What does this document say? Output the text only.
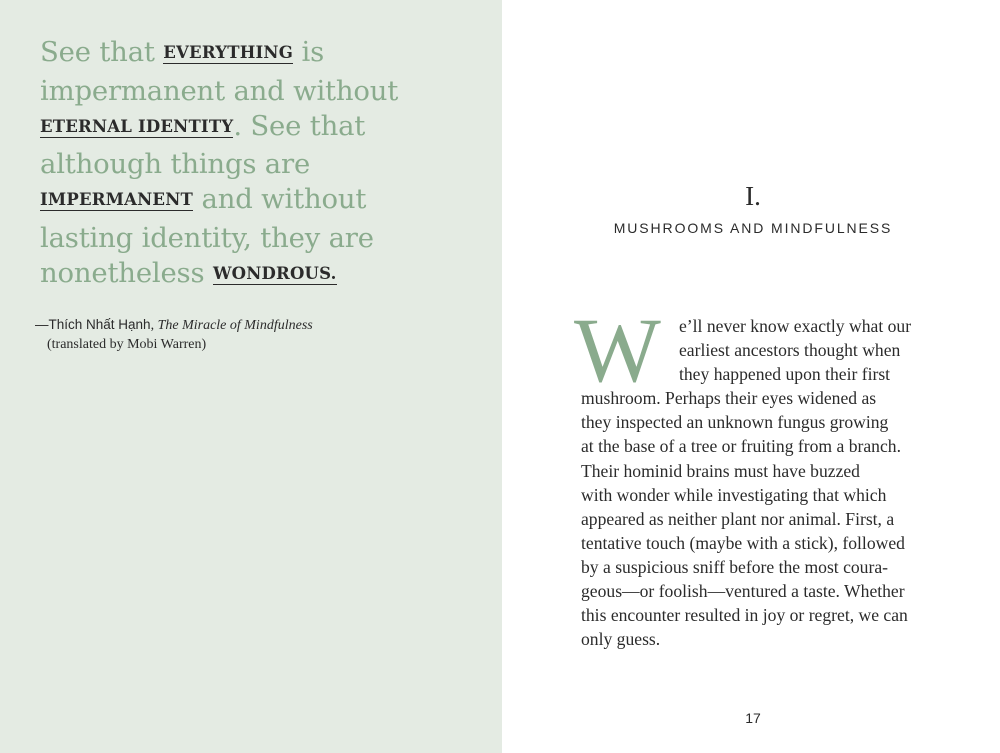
See that EVERYTHING is
impermanent and without
ETERNAL IDENTITY. See that
although things are
IMPERMANENT and without
lasting identity, they are
nonetheless WONDROUS.
—Thích Nhất Hạnh, The Miracle of Mindfulness
(translated by Mobi Warren)
I.
MUSHROOMS AND MINDFULNESS
W	e’ll never know exactly what our
earliest ancestors thought when
they happened upon their first
mushroom. Perhaps their eyes widened as
they inspected an unknown fungus growing
at the base of a tree or fruiting from a branch.
Their hominid brains must have buzzed
with wonder while investigating that which
appeared as neither plant nor animal. First, a
tentative touch (maybe with a stick), followed
by a suspicious sniff before the most coura-
geous—or foolish—ventured a taste. Whether
this encounter resulted in joy or regret, we can
only guess.
17
